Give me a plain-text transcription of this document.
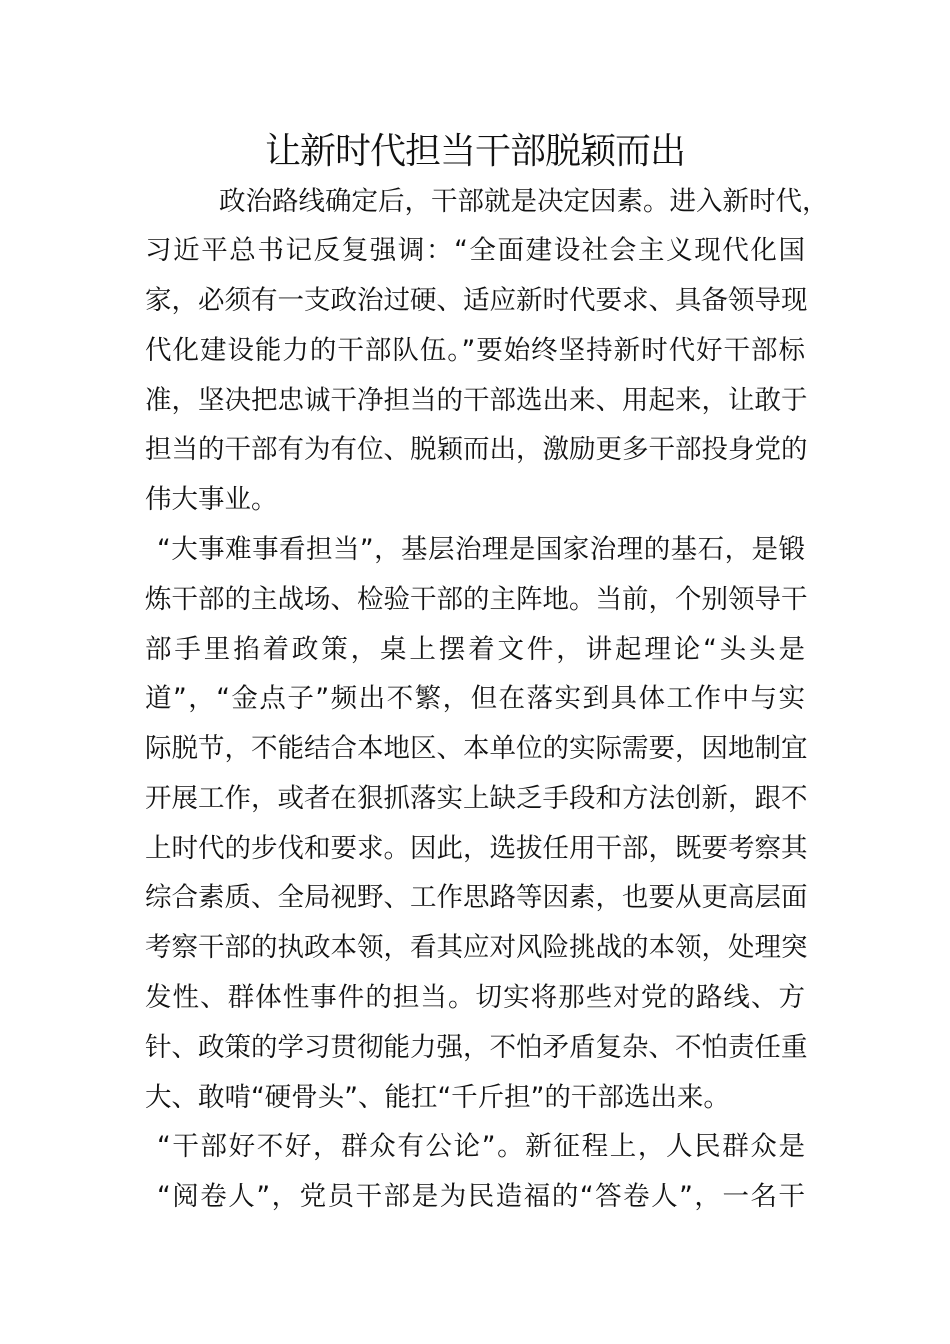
让新时代担当干部脱颖而出
政治路线确定后，干部就是决定因素。进入新时代，
习近平总书记反复强调：“全面建设社会主义现代化国
家，必须有一支政治过硬、适应新时代要求、具备领导现
代化建设能力的干部队伍。”要始终坚持新时代好干部标
准，坚决把忠诚干净担当的干部选出来、用起来，让敢于
担当的干部有为有位、脱颖而出，激励更多干部投身党的
伟大事业。
“大事难事看担当”，基层治理是国家治理的基石，是锻
炼干部的主战场、检验干部的主阵地。当前，个别领导干
部手里掐着政策，桌上摆着文件，讲起理论“头头是
道”，“金点子”频出不繁，但在落实到具体工作中与实
际脱节，不能结合本地区、本单位的实际需要，因地制宜
开展工作，或者在狠抓落实上缺乏手段和方法创新，跟不
上时代的步伐和要求。因此，选拔任用干部，既要考察其
综合素质、全局视野、工作思路等因素，也要从更高层面
考察干部的执政本领，看其应对风险挑战的本领，处理突
发性、群体性事件的担当。切实将那些对党的路线、方
针、政策的学习贯彻能力强，不怕矛盾复杂、不怕责任重
大、敢啃“硬骨头”、能扛“千斤担”的干部选出来。
“干部好不好，群众有公论”。新征程上，人民群众是
“阅卷人”，党员干部是为民造福的“答卷人”，一名干
